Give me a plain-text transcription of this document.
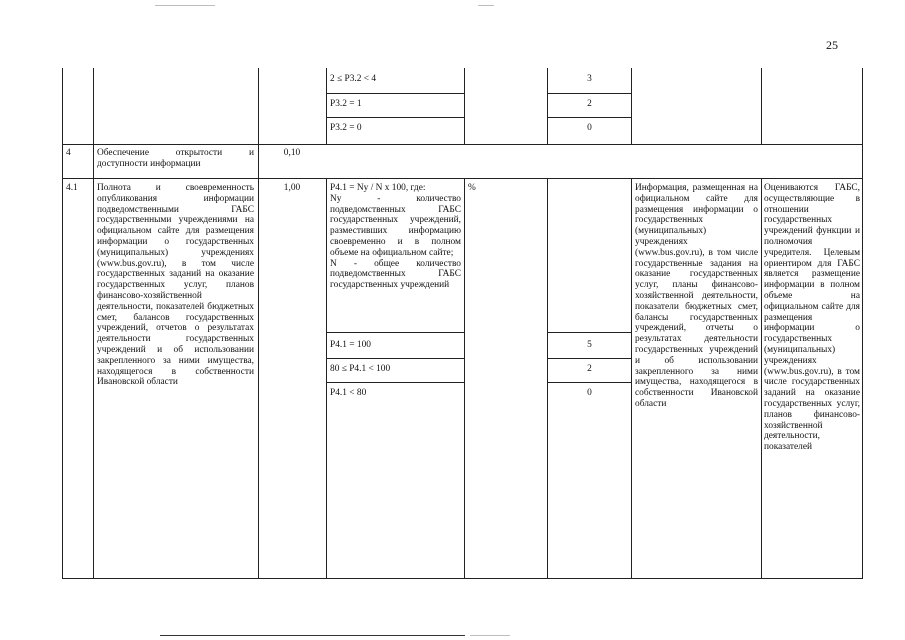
25
2 ≤ P3.2 < 4
P3.2 = 1
P3.2 = 0
3
2
0
4	Обеспечение открытости и доступности информации
0,10
4.1 Полнота и своевременность опубликования информации подведомственными ГАБС государственными учреждениями на официальном сайте для размещения информации о государственных (муниципальных) учреждениях (www.bus.gov.ru), в том числе государственных заданий на оказание государственных услуг, планов финансово-хозяйственной деятельности, показателей бюджетных смет, балансов государственных учреждений, отчетов о результатах деятельности государственных учреждений и об использовании закрепленного за ними имущества, находящегося в собственности Ивановской области
1,00	P4.1 = Ny / N x 100, где:
Ny - количество подведомственных ГАБС государственных учреждений, разместивших информацию своевременно и в полном объеме на официальном сайте;
N - общее количество подведомственных ГАБС государственных учреждений
%
P4.1 = 100
80 ≤ P4.1 < 100
P4.1 < 80
5
2
0
Информация, размещенная на официальном сайте для размещения информации о государственных (муниципальных) учреждениях (www.bus.gov.ru), в том числе государственные задания на оказание государственных услуг, планы финансово-хозяйственной деятельности, показатели бюджетных смет, балансы государственных учреждений, отчеты о результатах деятельности государственных учреждений и об использовании закрепленного за ними имущества, находящегося в собственности Ивановской области
Оцениваются ГАБС, осуществляющие в отношении государственных учреждений функции и полномочия учредителя. Целевым ориентиром для ГАБС является размещение информации в полном объеме на официальном сайте для размещения информации о государственных (муниципальных) учреждениях (www.bus.gov.ru), в том числе государственных заданий на оказание государственных услуг, планов финансово-хозяйственной деятельности, показателей
